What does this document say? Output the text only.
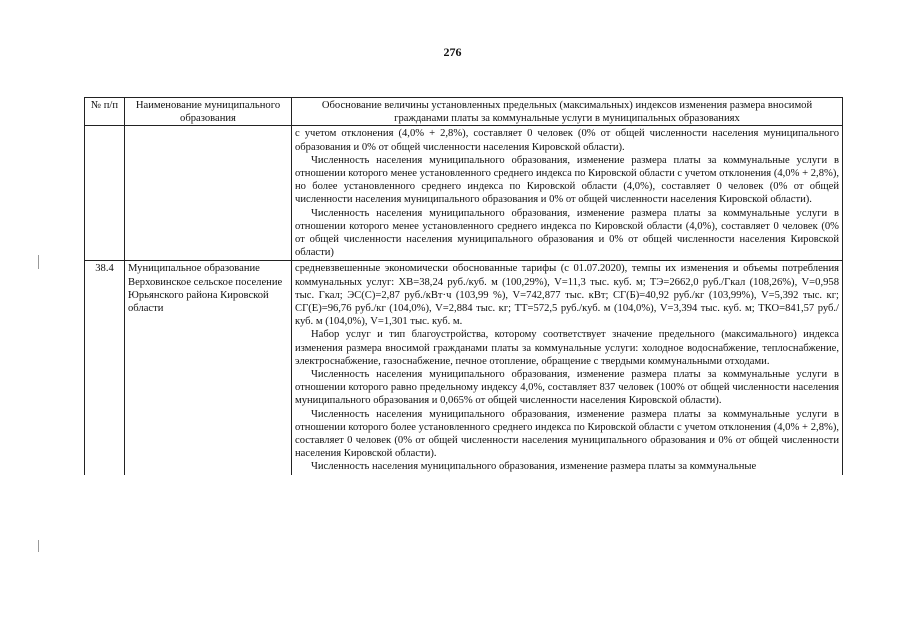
276
№ п/п	Наименование муниципального образования	Обоснование величины установленных предельных (максимальных) индексов изменения размера вносимой гражданами платы за коммунальные услуги в муниципальных образованиях

		с учетом отклонения (4,0% + 2,8%), составляет 0 человек (0% от общей численности населения муниципального образования и 0% от общей численности населения Кировской области).

Численность населения муниципального образования, изменение размера платы за коммунальные услуги в отношении которого менее установленного среднего индекса по Кировской области с учетом отклонения (4,0% + 2,8%), но более установленного среднего индекса по Кировской области (4,0%), составляет 0 человек (0% от общей численности населения муниципального образования и 0% от общей численности населения Кировской области).

Численность населения муниципального образования, изменение размера платы за коммунальные услуги в отношении которого менее установленного среднего индекса по Кировской области (4,0%), составляет 0 человек (0% от общей численности населения муниципального образования и 0% от общей численности населения Кировской области)

38.4	Муниципальное образование Верховинское сельское поселение Юрьянского района Кировской области	средневзвешенные экономически обоснованные тарифы (с 01.07.2020), темпы их изменения и объемы потребления коммунальных услуг: ХВ=38,24 руб./куб. м (100,29%), V=11,3 тыс. куб. м; ТЭ=2662,0 руб./Гкал (108,26%), V=0,958 тыс. Гкал; ЭС(С)=2,87 руб./кВт·ч (103,99 %), V=742,877 тыс. кВт; СГ(Б)=40,92 руб./кг (103,99%), V=5,392 тыс. кг; СГ(Е)=96,76 руб./кг (104,0%), V=2,884 тыс. кг; ТТ=572,5 руб./куб. м (104,0%), V=3,394 тыс. куб. м; ТКО=841,57 руб./куб. м (104,0%), V=1,301 тыс. куб. м.

Набор услуг и тип благоустройства, которому соответствует значение предельного (максимального) индекса изменения размера вносимой гражданами платы за коммунальные услуги: холодное водоснабжение, теплоснабжение, электроснабжение, газоснабжение, печное отопление, обращение с твердыми коммунальными отходами.

Численность населения муниципального образования, изменение размера платы за коммунальные услуги в отношении которого равно предельному индексу 4,0%, составляет 837 человек (100% от общей численности населения муниципального образования и 0,065% от общей численности населения Кировской области).

Численность населения муниципального образования, изменение размера платы за коммунальные услуги в отношении которого более установленного среднего индекса по Кировской области с учетом отклонения (4,0% + 2,8%), составляет 0 человек (0% от общей численности населения муниципального образования и 0% от общей численности населения Кировской области).

Численность населения муниципального образования, изменение размера платы за коммунальные
